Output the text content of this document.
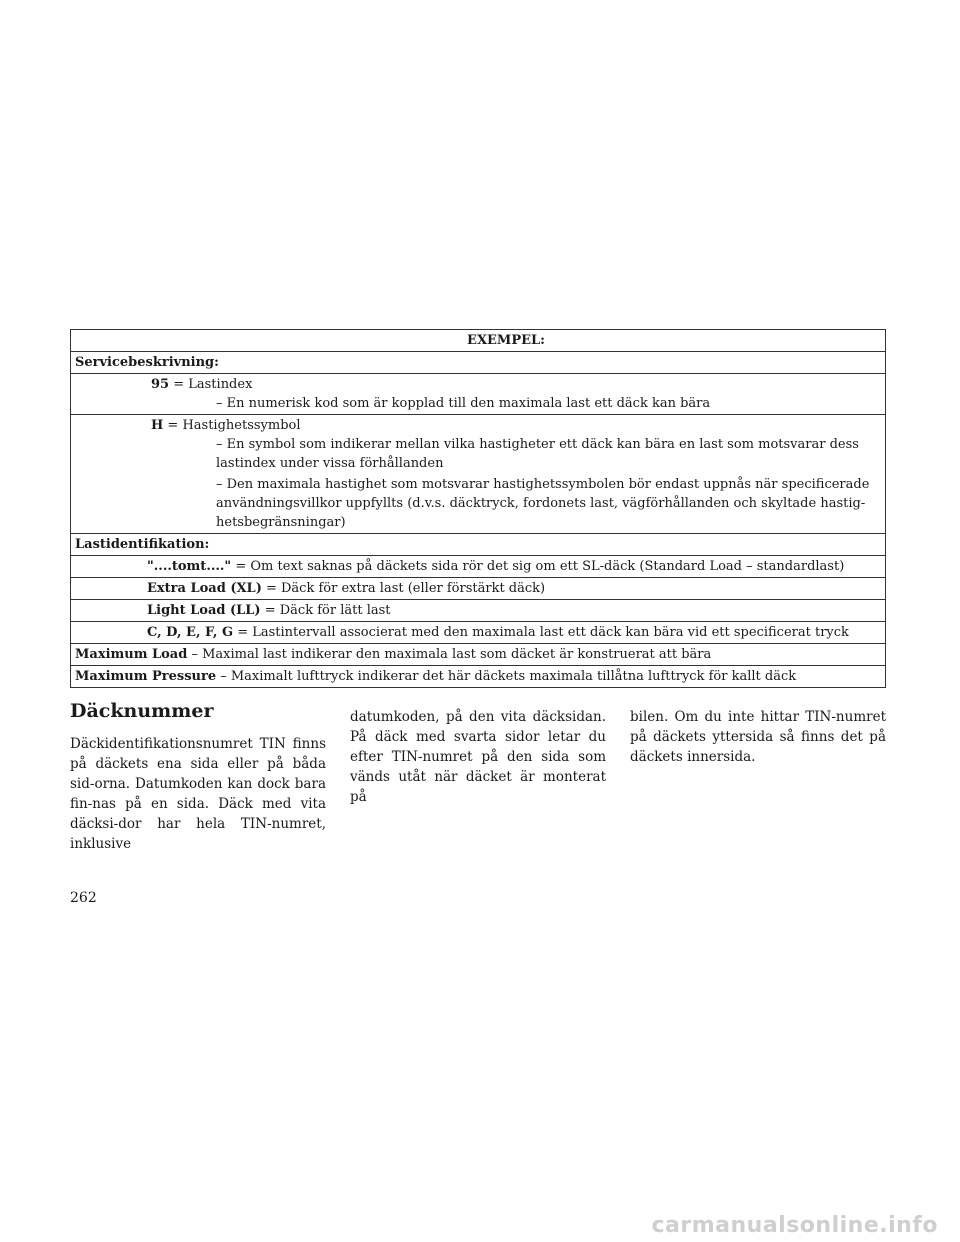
EXEMPEL:
Servicebeskrivning:
95 = Lastindex

– En numerisk kod som är kopplad till den maximala last ett däck kan bära

H = Hastighetssymbol

– En symbol som indikerar mellan vilka hastigheter ett däck kan bära en last som motsvarar dess lastindex under vissa förhållanden

– Den maximala hastighet som motsvarar hastighetssymbolen bör endast uppnås när specificerade användningsvillkor uppfyllts (d.v.s. däcktryck, fordonets last, vägförhållanden och skyltade hastig-hetsbegränsningar)

Lastidentifikation:
"....tomt...." = Om text saknas på däckets sida rör det sig om ett SL-däck (Standard Load – standardlast)
Extra Load (XL) = Däck för extra last (eller förstärkt däck)
Light Load (LL) = Däck för lätt last
C, D, E, F, G = Lastintervall associerat med den maximala last ett däck kan bära vid ett specificerat tryck
Maximum Load – Maximal last indikerar den maximala last som däcket är konstruerat att bära
Maximum Pressure – Maximalt lufttryck indikerar det här däckets maximala tillåtna lufttryck för kallt däck
Däcknummer

Däckidentifikationsnumret TIN finns på däckets ena sida eller på båda sid-orna. Datumkoden kan dock bara fin-nas på en sida. Däck med vita däcksi-dor har hela TIN-numret, inklusive

datumkoden, på den vita däcksidan. På däck med svarta sidor letar du efter TIN-numret på den sida som vänds utåt när däcket är monterat på

bilen. Om du inte hittar TIN-numret på däckets yttersida så finns det på däckets innersida.

262

carmanualsonline.info
